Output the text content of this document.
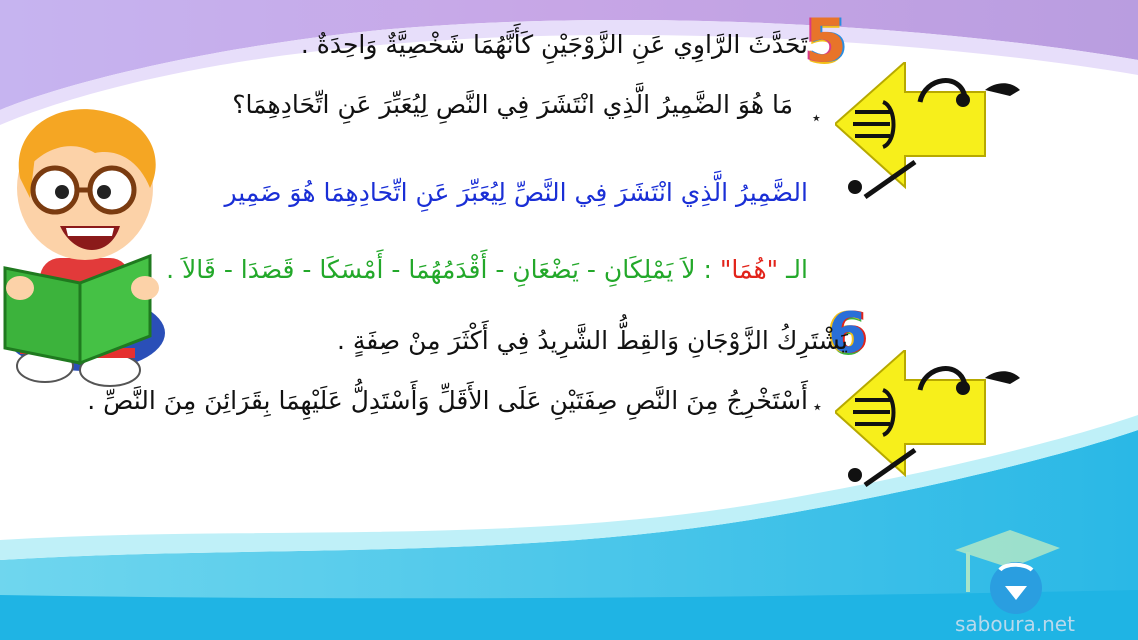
5
تَحَدَّثَ الرَّاوِي عَنِ الزَّوْجَيْنِ كَأَنَّهُمَا شَخْصِيَّةٌ وَاحِدَةٌ .
٭
مَا هُوَ الضَّمِيرُ الَّذِي انْتَشَرَ فِي النَّصِ لِيُعَبِّرَ عَنِ اتِّحَادِهِمَا؟
الضَّمِيرُ الَّذِي انْتَشَرَ فِي النَّصِّ لِيُعَبِّرَ عَنِ اتِّحَادِهِمَا هُوَ ضَمِير
الـ "هُمَا" : لاَ يَمْلِكَانِ - يَضْعَانِ - أَقْدَمُهُمَا - أَمْسَكَا - قَصَدَا - قَالاَ .
6
يَشْتَرِكُ الزَّوْجَانِ وَالقِطُّ الشَّرِيدُ فِي أَكْثَرَ مِنْ صِفَةٍ .
٭
أَسْتَخْرِجُ مِنَ النَّصِ صِفَتَيْنِ عَلَى الأَقَلِّ وَأَسْتَدِلُّ عَلَيْهِمَا بِقَرَائِنَ مِنَ النَّصِّ .
saboura.net
